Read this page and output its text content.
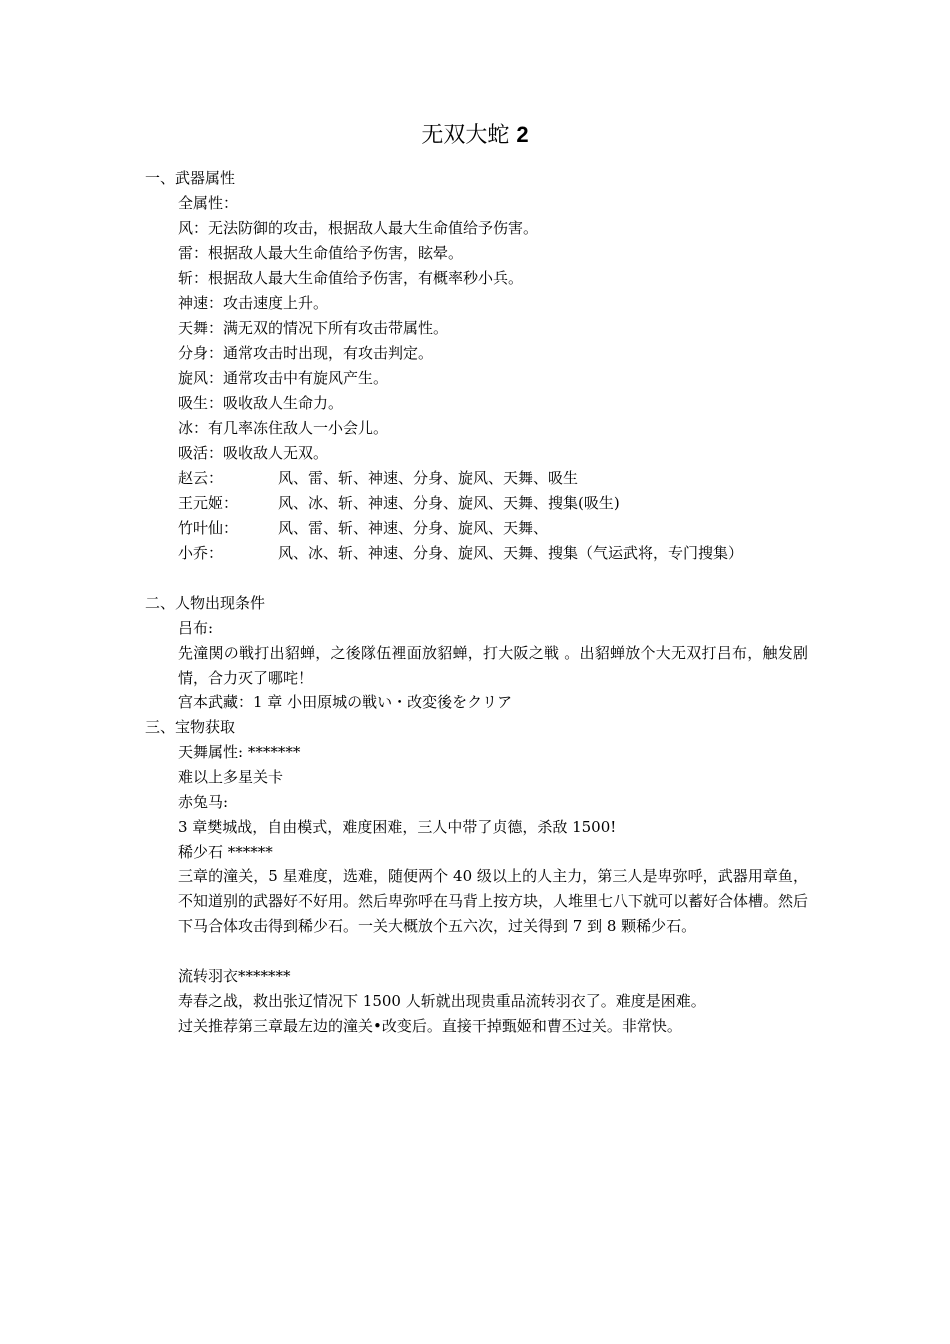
无双大蛇 2
一、武器属性
全属性：
风：无法防御的攻击，根据敌人最大生命值给予伤害。
雷：根据敌人最大生命值给予伤害，眩晕。
斩：根据敌人最大生命值给予伤害，有概率秒小兵。
神速：攻击速度上升。
天舞：满无双的情况下所有攻击带属性。
分身：通常攻击时出现，有攻击判定。
旋风：通常攻击中有旋风产生。
吸生：吸收敌人生命力。
冰：有几率冻住敌人一小会儿。
吸活：吸收敌人无双。
赵云：	风、雷、斩、神速、分身、旋风、天舞、吸生
王元姬：	风、冰、斩、神速、分身、旋风、天舞、搜集(吸生)
竹叶仙：	风、雷、斩、神速、分身、旋风、天舞、
小乔：	风、冰、斩、神速、分身、旋风、天舞、搜集（气运武将，专门搜集）
二、人物出现条件
吕布:
先潼関の戦打出貂蝉，之後隊伍裡面放貂蝉，打大阪之戦 。出貂蝉放个大无双打吕布，触发剧情，合力灭了哪咤！
宫本武藏：1 章 小田原城の戦い・改変後をクリア
三、宝物获取
天舞属性: *******
难以上多星关卡
赤兔马:
3 章樊城战，自由模式，难度困难，三人中带了贞德，杀敌 1500!
稀少石 ******
三章的潼关，5 星难度，选难，随便两个 40 级以上的人主力，第三人是卑弥呼，武器用章鱼，不知道别的武器好不好用。然后卑弥呼在马背上按方块，人堆里七八下就可以蓄好合体槽。然后下马合体攻击得到稀少石。一关大概放个五六次，过关得到 7 到 8 颗稀少石。
流转羽衣*******
寿春之战，救出张辽情况下 1500 人斩就出现贵重品流转羽衣了。难度是困难。
过关推荐第三章最左边的潼关•改变后。直接干掉甄姬和曹丕过关。非常快。
